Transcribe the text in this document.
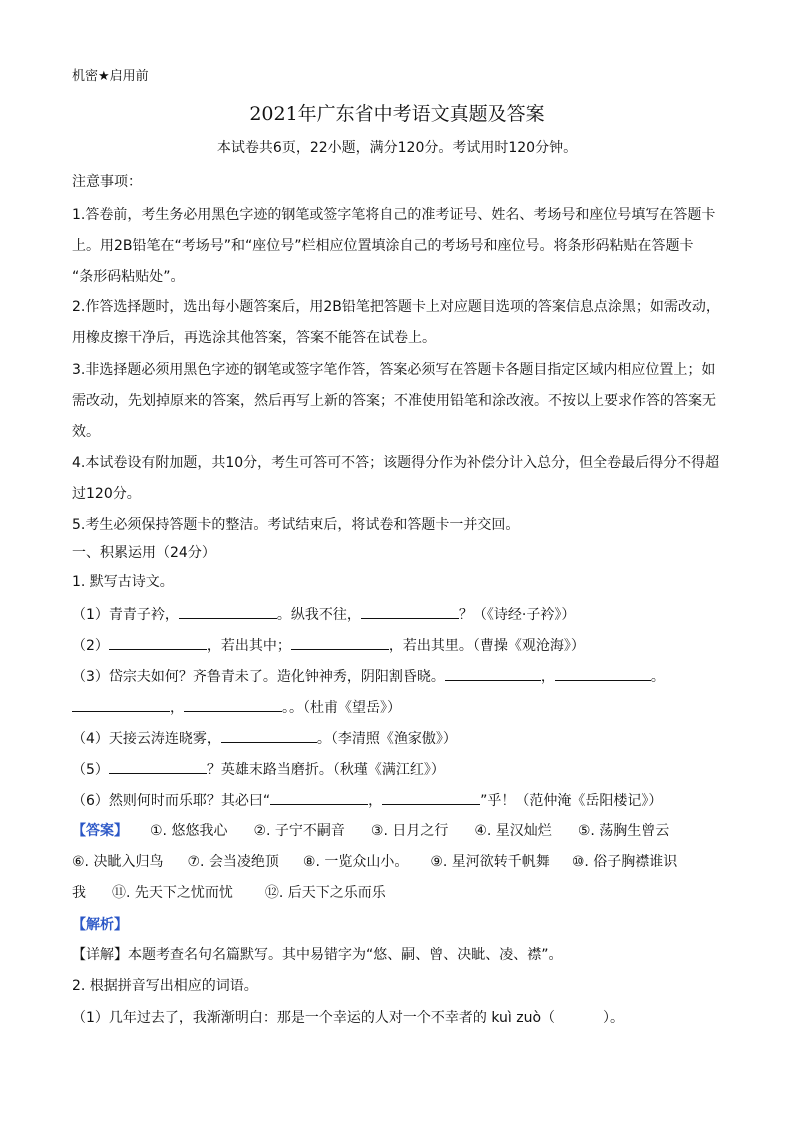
机密★启用前
2021年广东省中考语文真题及答案
本试卷共6页，22小题，满分120分。考试用时120分钟。
注意事项：
1.答卷前，考生务必用黑色字迹的钢笔或签字笔将自己的准考证号、姓名、考场号和座位号填写在答题卡
上。用2B铅笔在“考场号”和“座位号”栏相应位置填涂自己的考场号和座位号。将条形码粘贴在答题卡
“条形码粘贴处”。
2.作答选择题时，选出每小题答案后，用2B铅笔把答题卡上对应题目选项的答案信息点涂黑；如需改动，
用橡皮擦干净后，再选涂其他答案，答案不能答在试卷上。
3.非选择题必须用黑色字迹的钢笔或签字笔作答，答案必须写在答题卡各题目指定区域内相应位置上；如
需改动，先划掉原来的答案，然后再写上新的答案；不准使用铅笔和涂改液。不按以上要求作答的答案无
效。
4.本试卷设有附加题，共10分，考生可答可不答；该题得分作为补偿分计入总分，但全卷最后得分不得超
过120分。
5.考生必须保持答题卡的整洁。考试结束后，将试卷和答题卡一并交回。
一、积累运用（24分）
1. 默写古诗文。
（1）青青子衿，	。纵我不往，	？（《诗经·子衿》）
（2）	，若出其中；	，若出其里。（曹操《观沧海》）
（3）岱宗夫如何？齐鲁青未了。造化钟神秀，阴阳割昏晓。	，	。
，	。。（杜甫《望岳》）
（4）天接云涛连晓雾，	。（李清照《渔家傲》）
（5）	？英雄末路当磨折。（秋瑾《满江红》）
（6）然则何时而乐耶？其必曰“	，	”乎！（范仲淹《岳阳楼记》）
【答案】 ①. 悠悠我心 ②. 子宁不嗣音 ③. 日月之行 ④. 星汉灿烂 ⑤. 荡胸生曾云
⑥. 决眦入归鸟 ⑦. 会当凌绝顶 ⑧. 一览众山小。 ⑨. 星河欲转千帆舞 ⑩. 俗子胸襟谁识
我 ⑪. 先天下之忧而忧 ⑫. 后天下之乐而乐
【解析】
【详解】本题考查名句名篇默写。其中易错字为“悠、嗣、曾、决眦、凌、襟”。
2. 根据拼音写出相应的词语。
（1）几年过去了，我渐渐明白：那是一个幸运的人对一个不幸者的 kuì zuò（	）。
